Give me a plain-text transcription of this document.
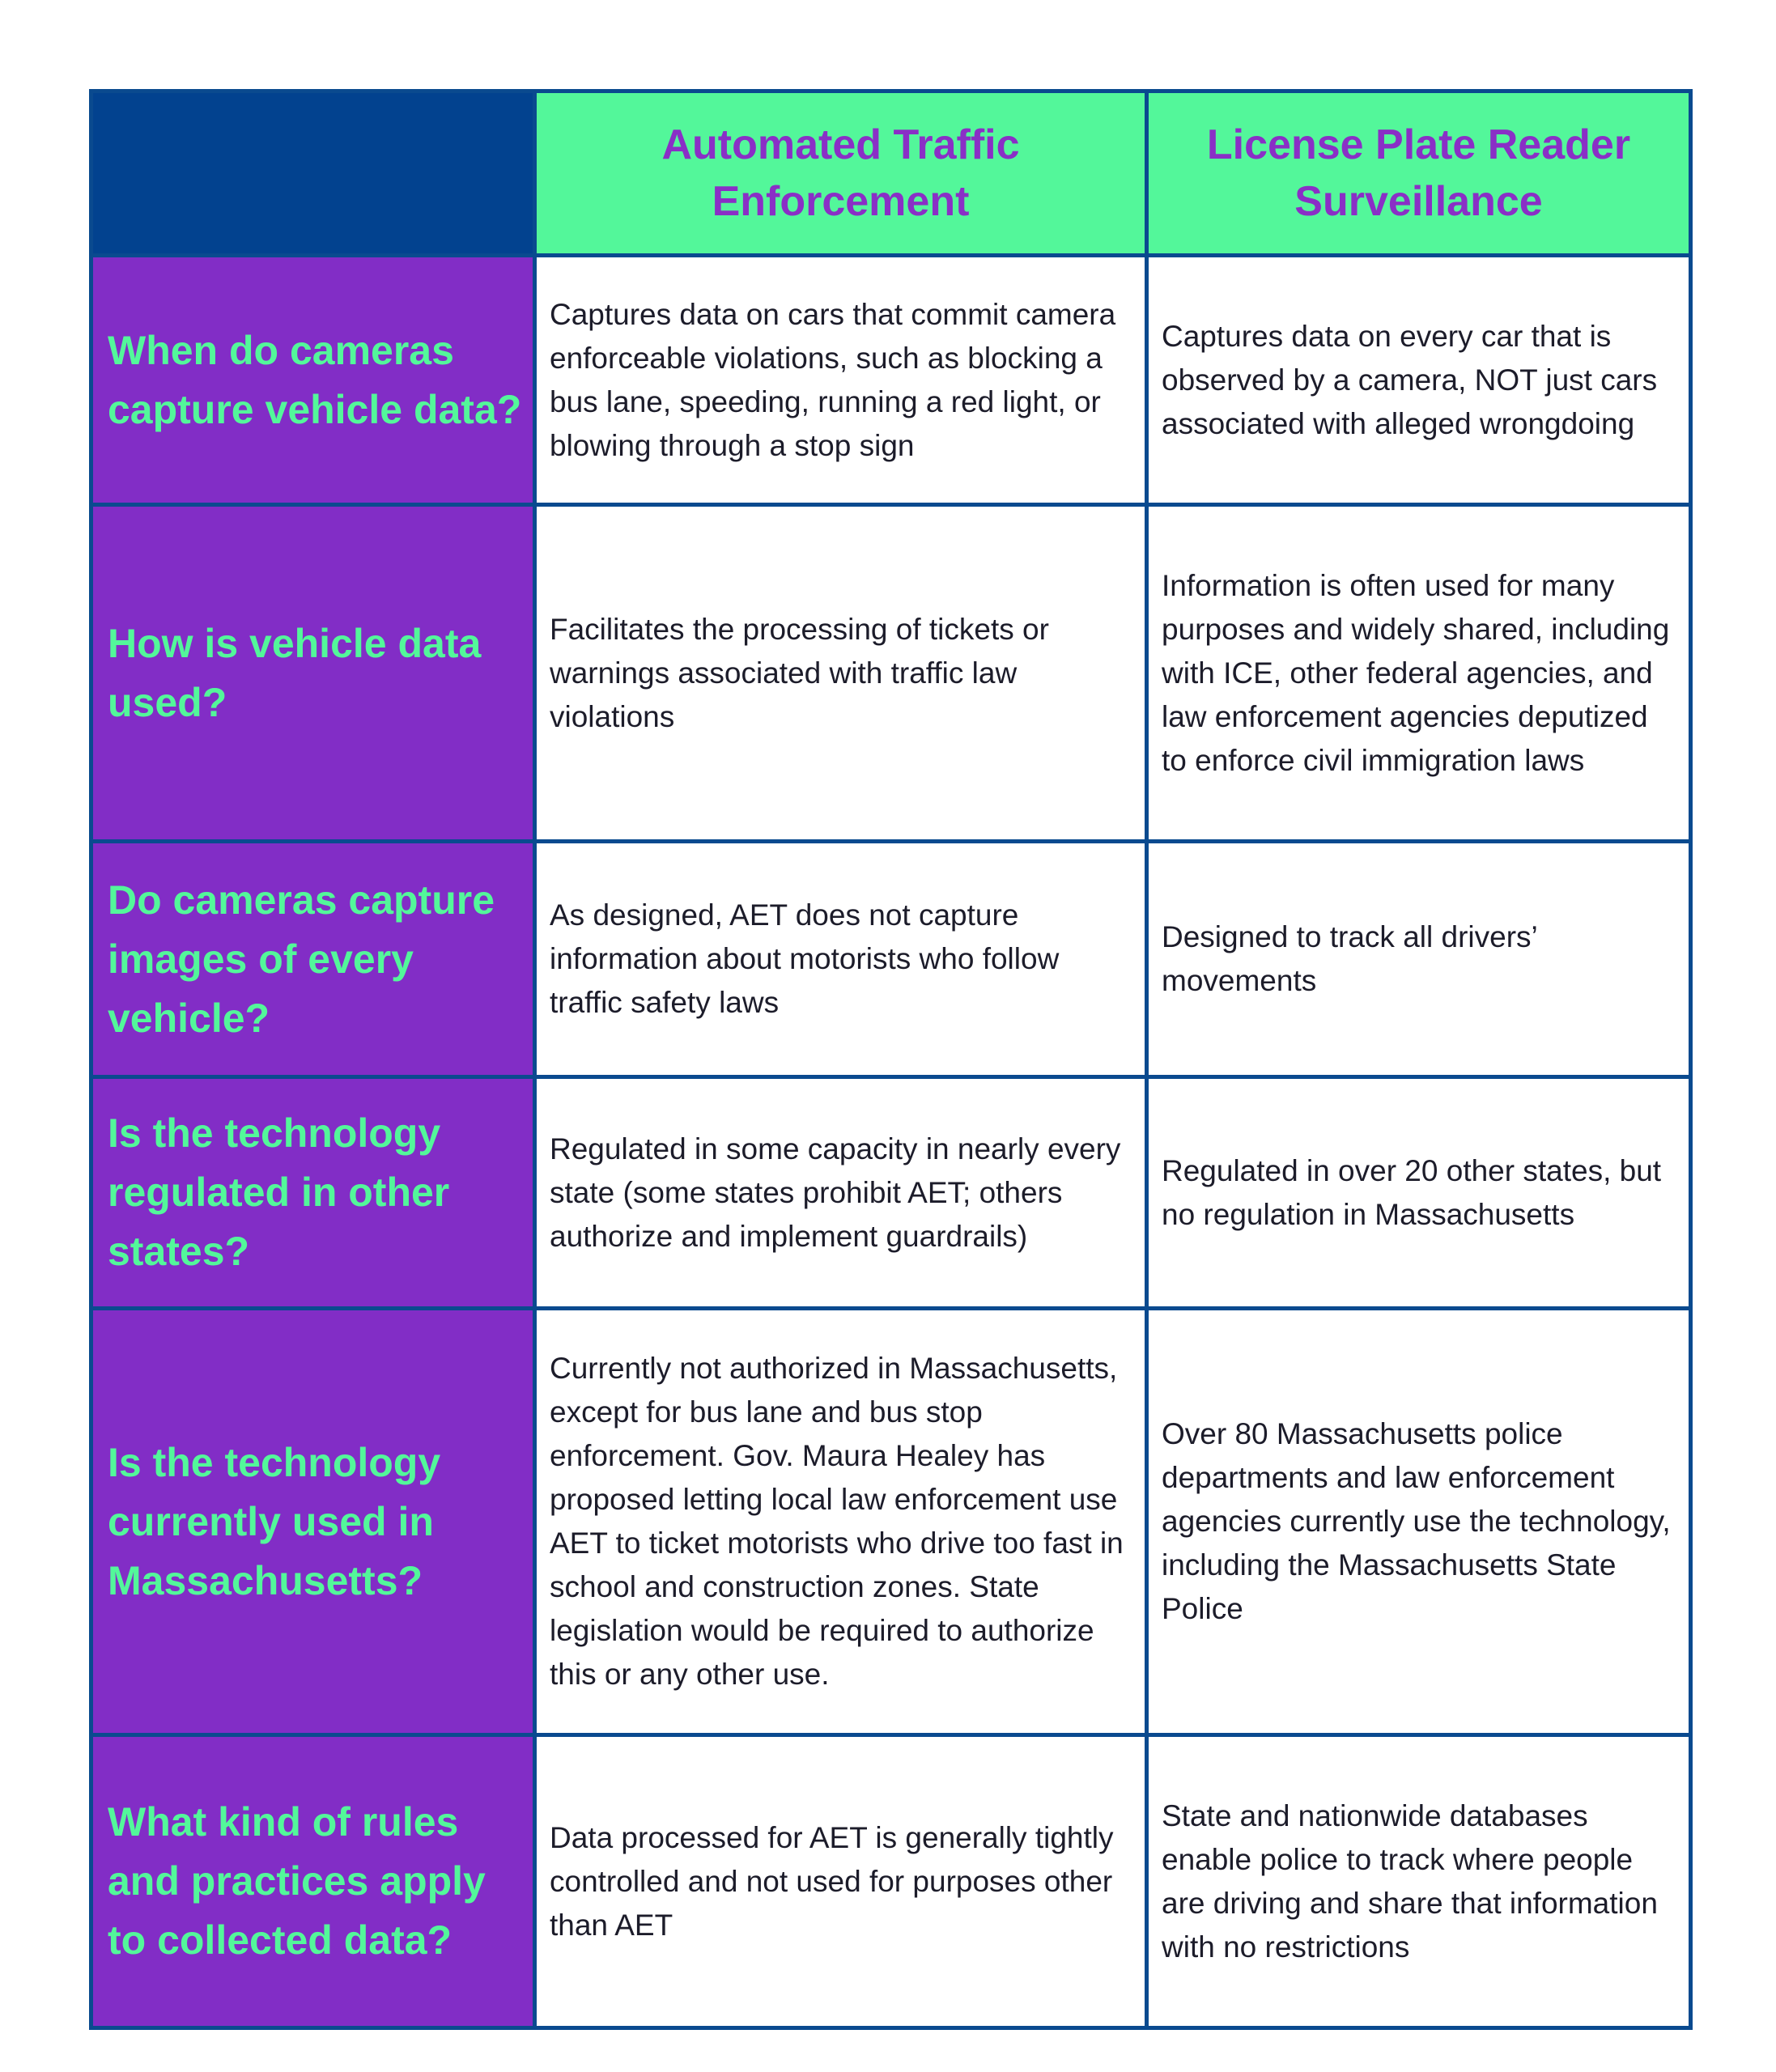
	Automated Traffic Enforcement	License Plate Reader Surveillance

When do cameras capture vehicle data?	Captures data on cars that commit camera enforceable violations, such as blocking a bus lane, speeding, running a red light, or blowing through a stop sign	Captures data on every car that is observed by a camera, NOT just cars associated with alleged wrongdoing

How is vehicle data used?	Facilitates the processing of tickets or warnings associated with traffic law violations	Information is often used for many purposes and widely shared, including with ICE, other federal agencies, and law enforcement agencies deputized to enforce civil immigration laws

Do cameras capture images of every vehicle?	As designed, AET does not capture information about motorists who follow traffic safety laws	Designed to track all drivers’ movements

Is the technology regulated in other states?	Regulated in some capacity in nearly every state (some states prohibit AET; others authorize and implement guardrails)	Regulated in over 20 other states, but no regulation in Massachusetts

Is the technology currently used in Massachusetts?	Currently not authorized in Massachusetts, except for bus lane and bus stop enforcement. Gov. Maura Healey has proposed letting local law enforcement use AET to ticket motorists who drive too fast in school and construction zones. State legislation would be required to authorize this or any other use.	Over 80 Massachusetts police departments and law enforcement agencies currently use the technology, including the Massachusetts State Police

What kind of rules and practices apply to collected data?	Data processed for AET is generally tightly controlled and not used for purposes other than AET	State and nationwide databases enable police to track where people are driving and share that information with no restrictions
